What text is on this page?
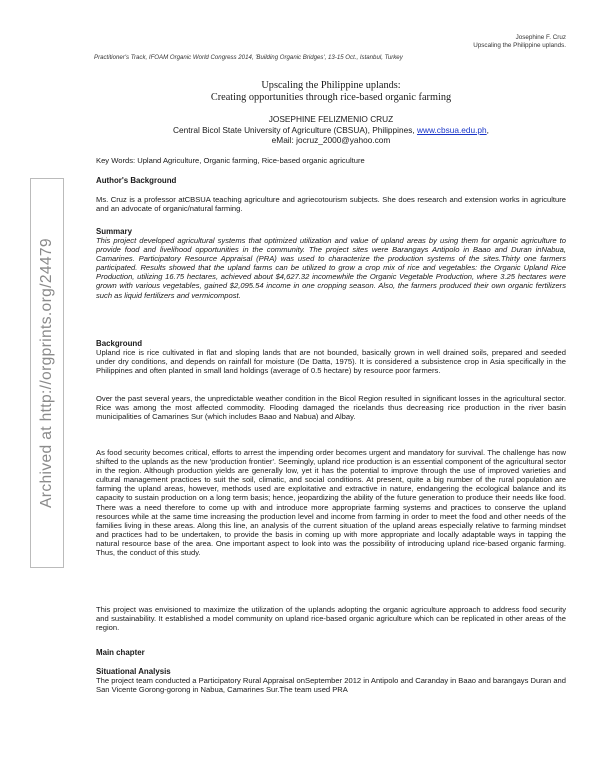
Josephine F. Cruz
Upscaling the Philippine uplands.
Practitioner's Track, IFOAM Organic World Congress 2014, 'Building Organic Bridges', 13-15 Oct., Istanbul, Turkey
Archived at http://orgprints.org/24479
Upscaling the Philippine uplands:
Creating opportunities through rice-based organic farming
JOSEPHINE FELIZMENIO CRUZ
Central Bicol State University of Agriculture (CBSUA), Philippines, www.cbsua.edu.ph,
eMail: jocruz_2000@yahoo.com
Key Words: Upland Agriculture, Organic farming, Rice-based organic agriculture
Author's Background

Ms. Cruz is a professor atCBSUA teaching agriculture and agriecotourism subjects. She does research and extension works in agriculture and an advocate of organic/natural farming.

Summary

This project developed agricultural systems that optimized utilization and value of upland areas by using them for organic agriculture to provide food and livelihood opportunities in the community. The project sites were Barangays Antipolo in Baao and Duran inNabua, Camarines. Participatory Resource Appraisal (PRA) was used to characterize the production systems of the sites.Thirty one farmers participated. Results showed that the upland farms can be utilized to grow a crop mix of rice and vegetables: the Organic Upland Rice Production, utilizing 16.75 hectares, achieved about $4,627.32 incomewhile the Organic Vegetable Production, where 3.25 hectares were grown with various vegetables, gained $2,095.54 income in one cropping season. Also, the farmers produced their own organic fertilizers such as liquid fertilizers and vermicompost.

Background

Upland rice is rice cultivated in flat and sloping lands that are not bounded, basically grown in well drained soils, prepared and seeded under dry conditions, and depends on rainfall for moisture (De Datta, 1975). It is considered a subsistence crop in Asia specifically in the Philippines and often planted in small land holdings (average of 0.5 hectare) by resource poor farmers.

Over the past several years, the unpredictable weather condition in the Bicol Region resulted in significant losses in the agricultural sector. Rice was among the most affected commodity. Flooding damaged the ricelands thus decreasing rice production in the river basin municipalities of Camarines Sur (which includes Baao and Nabua) and Albay.

As food security becomes critical, efforts to arrest the impending order becomes urgent and mandatory for survival. The challenge has now shifted to the uplands as the new 'production frontier'. Seemingly, upland rice production is an essential component of the agricultural sector in the region. Although production yields are generally low, yet it has the potential to improve through the use of improved varieties and cultural management practices to suit the soil, climatic, and social conditions. At present, quite a big number of the rural population are farming the upland areas, however, methods used are exploitative and extractive in nature, endangering the ecological balance and its capacity to sustain production on a long term basis; hence, jeopardizing the ability of the future generation to produce their needs like food. There was a need therefore to come up with and introduce more appropriate farming systems and practices to conserve the upland resources while at the same time increasing the production level and income from farming in order to meet the food and other needs of the families living in these areas. Along this line, an analysis of the current situation of the upland areas especially relative to farming mindset and practices had to be undertaken, to provide the basis in coming up with more appropriate and locally adaptable ways in tapping the natural resource base of the area. One important aspect to look into was the possibility of introducing upland rice-based organic farming. Thus, the conduct of this study.

This project was envisioned to maximize the utilization of the uplands adopting the organic agriculture approach to address food security and sustainability. It established a model community on upland rice-based organic agriculture which can be replicated in other areas of the region.

Main chapter
Situational Analysis

The project team conducted a Participatory Rural Appraisal onSeptember 2012 in Antipolo and Caranday in Baao and barangays Duran and San Vicente Gorong-gorong in Nabua, Camarines Sur.The team used PRA
